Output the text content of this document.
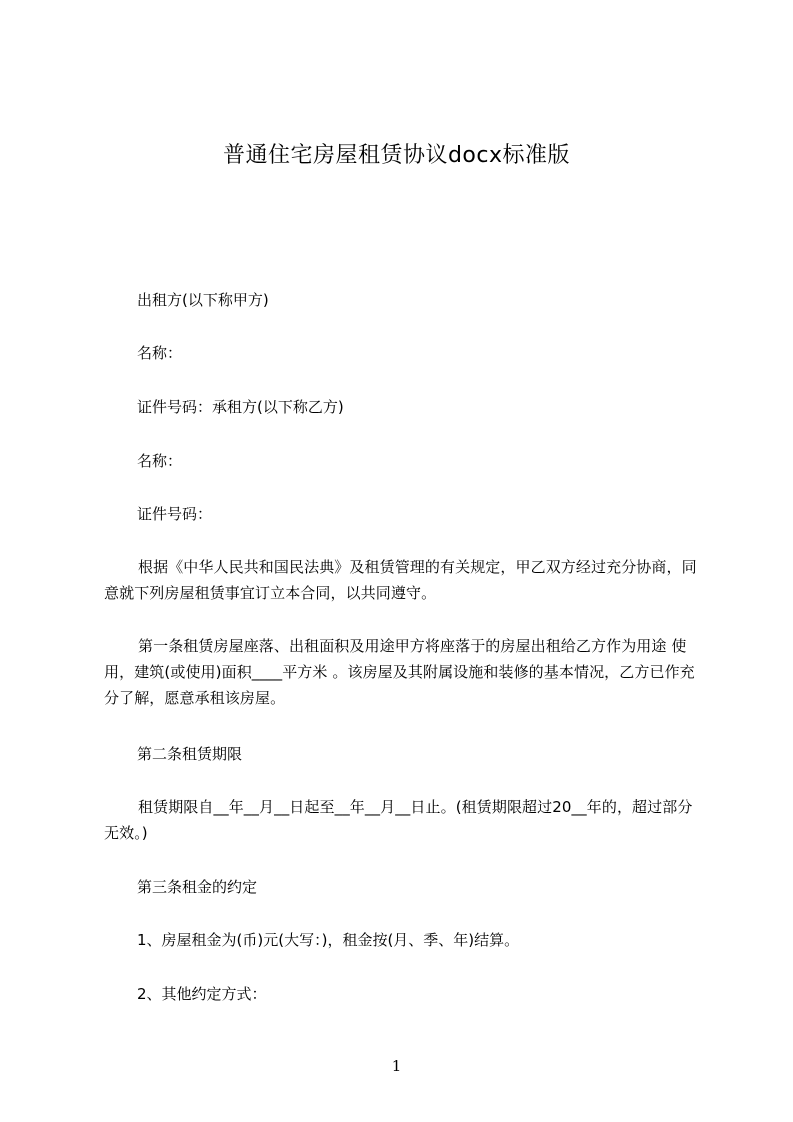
普通住宅房屋租赁协议docx标准版
出租方(以下称甲方)
名称：
证件号码：承租方(以下称乙方)
名称：
证件号码：
根据《中华人民共和国民法典》及租赁管理的有关规定，甲乙双方经过充分协商，同意就下列房屋租赁事宜订立本合同，以共同遵守。
第一条租赁房屋座落、出租面积及用途甲方将座落于的房屋出租给乙方作为用途 使用，建筑(或使用)面积____平方米 。该房屋及其附属设施和装修的基本情况，乙方已作充分了解，愿意承租该房屋。
第二条租赁期限
租赁期限自__年__月__日起至__年__月__日止。(租赁期限超过20__年的，超过部分无效。)
第三条租金的约定
1、房屋租金为(币)元(大写：)，租金按(月、季、年)结算。
2、其他约定方式：
1
